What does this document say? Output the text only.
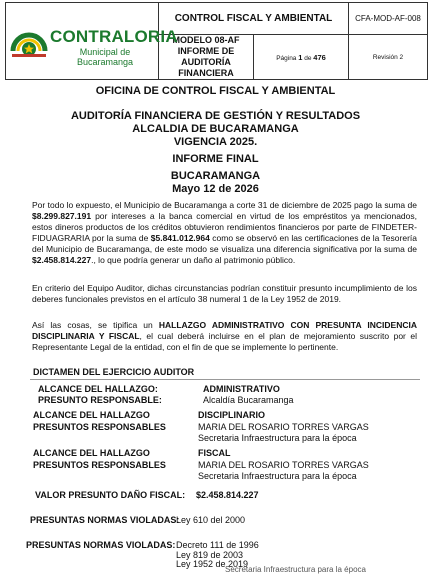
CONTRALORIA
Municipal de Bucaramanga	CONTROL FISCAL Y AMBIENTAL		CFA-MOD-AF-008
	MODELO 08-AF INFORME DE AUDITORÍA FINANCIERA	Página 1 de 476	Revisión 2
OFICINA DE CONTROL FISCAL Y AMBIENTAL
AUDITORÍA FINANCIERA DE GESTIÓN Y RESULTADOS
ALCALDIA DE BUCARAMANGA
VIGENCIA 2025.
INFORME FINAL
BUCARAMANGA
Mayo 12 de 2026
Por todo lo expuesto, el Municipio de Bucaramanga a corte 31 de diciembre de 2025 pago la suma de $8.299.827.191 por intereses a la banca comercial en virtud de los empréstitos ya mencionados, estos dineros productos de los créditos obtuvieron rendimientos financieros por parte de FINDETER-FIDUAGRARIA por la suma de $5.841.012.964 como se observó en las certificaciones de la Tesorería del Municipio de Bucaramanga, de este modo se visualiza una diferencia significativa por la suma de $2.458.814.227., lo que podría generar un daño al patrimonio público.
En criterio del Equipo Auditor, dichas circunstancias podrían constituir presunto incumplimiento de los deberes funcionales previstos en el artículo 38 numeral 1 de la Ley 1952 de 2019.
Así las cosas, se tipifica un HALLAZGO ADMINISTRATIVO CON PRESUNTA INCIDENCIA DISCIPLINARIA Y FISCAL, el cual deberá incluirse en el plan de mejoramiento suscrito por el Representante Legal de la entidad, con el fin de que se implemente lo pertinente.
DICTAMEN DEL EJERCICIO AUDITOR
ALCANCE DEL HALLAZGO:	ADMINISTRATIVO
PRESUNTO RESPONSABLE:	Alcaldía Bucaramanga
ALCANCE DEL HALLAZGO	DISCIPLINARIO
PRESUNTOS RESPONSABLES	MARIA DEL ROSARIO TORRES VARGAS
Secretaria Infraestructura para la época
ALCANCE DEL HALLAZGO	FISCAL
PRESUNTOS RESPONSABLES	MARIA DEL ROSARIO TORRES VARGAS
Secretaria Infraestructura para la época
VALOR PRESUNTO DAÑO FISCAL: $2.458.814.227
PRESUNTAS NORMAS VIOLADAS:
Ley 610 del 2000
PRESUNTAS NORMAS VIOLADAS: Decreto 111 de 1996
Ley 819 de 2003
Ley 1952 de 2019
Secretaria Infraestructura para la época
